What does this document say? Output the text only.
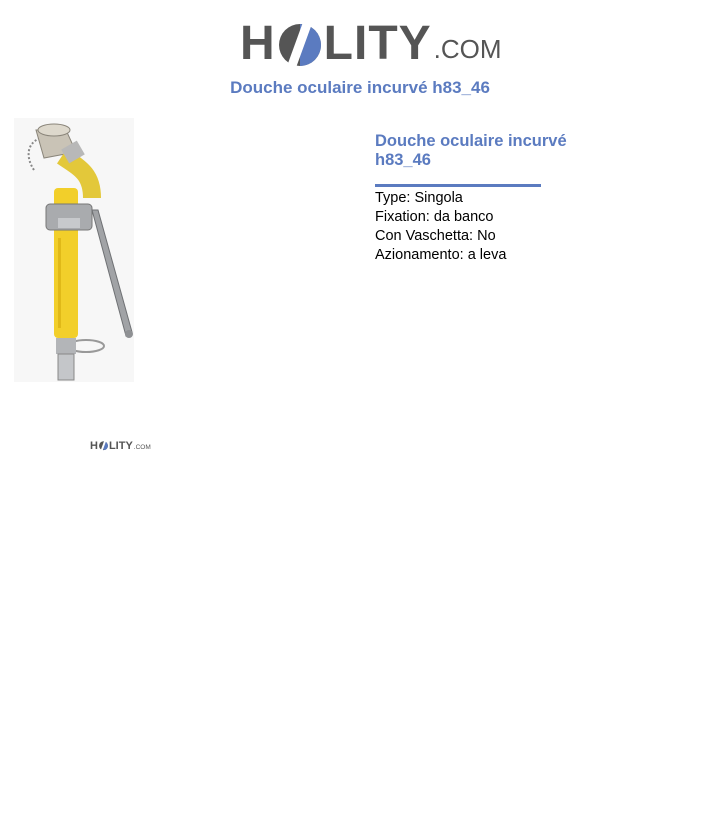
H LITY .COM
Douche oculaire incurvé h83_46
Douche oculaire incurvé h83_46
Type: Singola
Fixation: da banco
Con Vaschetta: No
Azionamento: a leva
H LITY .COM
